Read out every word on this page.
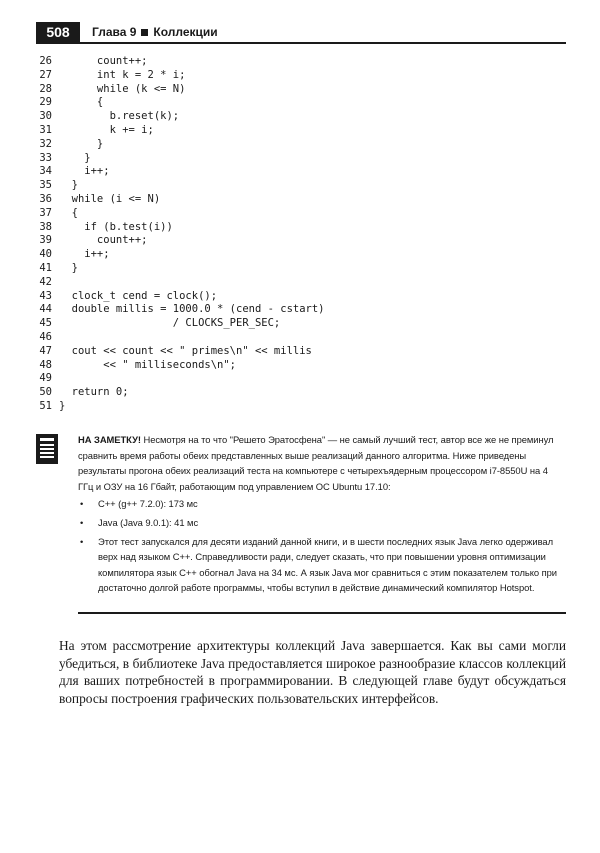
508	Глава 9 Коллекции
26 count++;
27 int k = 2 * i;
28 while (k <= N)
29 {
30 b.reset(k);
31 k += i;
32 }
33 }
34 i++;
35 }
36 while (i <= N)
37 {
38 if (b.test(i))
39 count++;
40 i++;
41 }
42
43 clock_t cend = clock();
44 double millis = 1000.0 * (cend - cstart)
45 / CLOCKS_PER_SEC;
46
47 cout << count << " primes\n" << millis
48 << " milliseconds\n";
49
50 return 0;
51 }

НА ЗАМЕТКУ! Несмотря на то что "Решето Эратосфена" — не самый лучший тест, автор все же не преминул сравнить время работы обеих представленных выше реализаций данного алгоритма. Ниже приведены результаты прогона обеих реализаций теста на компьютере с четырехъядерным процессором i7-8550U на 4 ГГц и ОЗУ на 16 Гбайт, работающим под управлением ОС Ubuntu 17.10:

• C++ (g++ 7.2.0): 173 мс
• Java (Java 9.0.1): 41 мс
• Этот тест запускался для десяти изданий данной книги, и в шести последних язык Java легко одерживал верх над языком C++. Справедливости ради, следует сказать, что при повышении уровня оптимизации компилятора язык C++ обогнал Java на 34 мс. А язык Java мог сравниться с этим показателем только при достаточно долгой работе программы, чтобы вступил в действие динамический компилятор Hotspot.

На этом рассмотрение архитектуры коллекций Java завершается. Как вы сами могли убедиться, в библиотеке Java предоставляется широкое разнообразие классов коллекций для ваших потребностей в программировании. В следующей главе будут обсуждаться вопросы построения графических пользовательских интерфейсов.
